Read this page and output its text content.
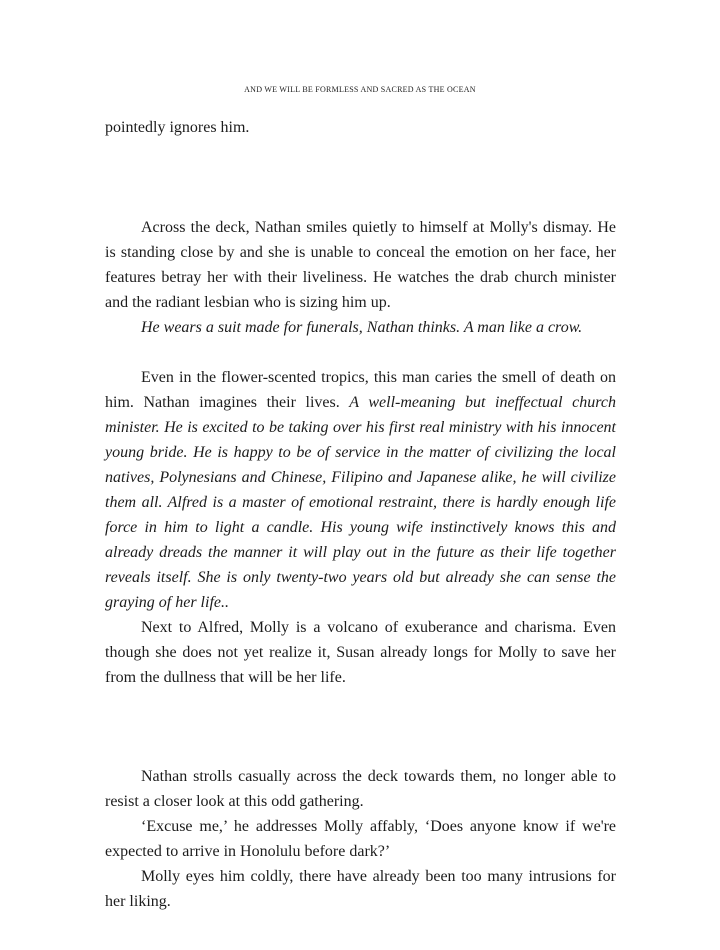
AND WE WILL BE FORMLESS AND SACRED AS THE OCEAN

pointedly ignores him.

Across the deck, Nathan smiles quietly to himself at Molly's dismay. He is standing close by and she is unable to conceal the emotion on her face, her features betray her with their liveliness. He watches the drab church minister and the radiant lesbian who is sizing him up.

He wears a suit made for funerals, Nathan thinks. A man like a crow.

Even in the flower-scented tropics, this man caries the smell of death on him. Nathan imagines their lives. A well-meaning but ineffectual church minister. He is excited to be taking over his first real ministry with his innocent young bride. He is happy to be of service in the matter of civilizing the local natives, Polynesians and Chinese, Filipino and Japanese alike, he will civilize them all. Alfred is a master of emotional restraint, there is hardly enough life force in him to light a candle. His young wife instinctively knows this and already dreads the manner it will play out in the future as their life together reveals itself. She is only twenty-two years old but already she can sense the graying of her life..

Next to Alfred, Molly is a volcano of exuberance and charisma. Even though she does not yet realize it, Susan already longs for Molly to save her from the dullness that will be her life.

Nathan strolls casually across the deck towards them, no longer able to resist a closer look at this odd gathering.

‘Excuse me,’ he addresses Molly affably, ‘Does anyone know if we're expected to arrive in Honolulu before dark?’

Molly eyes him coldly, there have already been too many intrusions for her liking.
